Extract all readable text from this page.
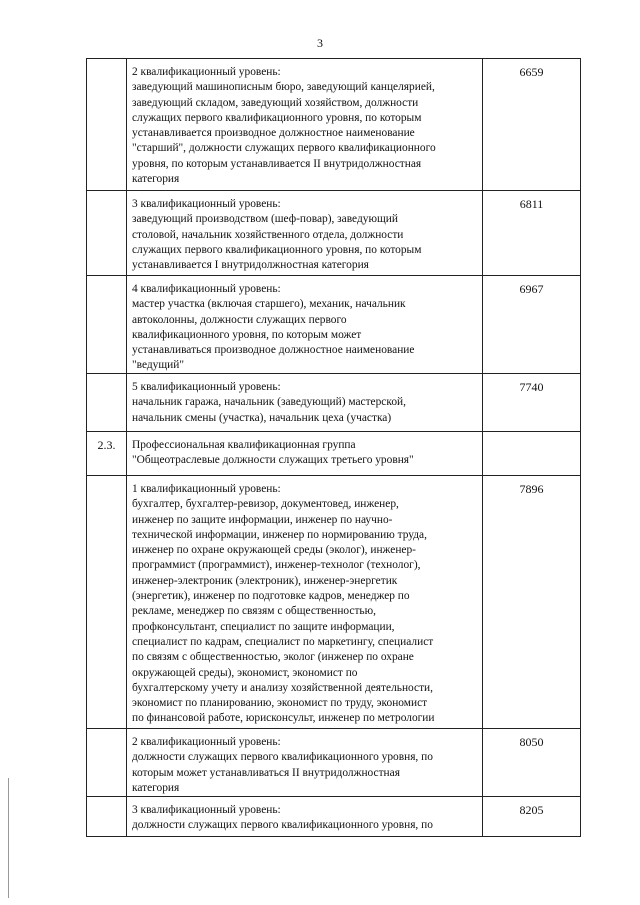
3
2 квалификационный уровень:
заведующий машинописным бюро, заведующий канцелярией,
заведующий складом, заведующий хозяйством, должности
служащих первого квалификационного уровня, по которым
устанавливается производное должностное наименование
"старший", должности служащих первого квалификационного
уровня, по которым устанавливается II внутридолжностная
категория
6659
3 квалификационный уровень:
заведующий производством (шеф-повар), заведующий
столовой, начальник хозяйственного отдела, должности
служащих первого квалификационного уровня, по которым
устанавливается I внутридолжностная категория
6811
4 квалификационный уровень:
мастер участка (включая старшего), механик, начальник
автоколонны, должности служащих первого
квалификационного уровня, по которым может
устанавливаться производное должностное наименование
"ведущий"
6967
5 квалификационный уровень:
начальник гаража, начальник (заведующий) мастерской,
начальник смены (участка), начальник цеха (участка)
7740
2.3.	Профессиональная квалификационная группа
"Общеотраслевые должности служащих третьего уровня"
1 квалификационный уровень:
бухгалтер, бухгалтер-ревизор, документовед, инженер,
инженер по защите информации, инженер по научно-
технической информации, инженер по нормированию труда,
инженер по охране окружающей среды (эколог), инженер-
программист (программист), инженер-технолог (технолог),
инженер-электроник (электроник), инженер-энергетик
(энергетик), инженер по подготовке кадров, менеджер по
рекламе, менеджер по связям с общественностью,
профконсультант, специалист по защите информации,
специалист по кадрам, специалист по маркетингу, специалист
по связям с общественностью, эколог (инженер по охране
окружающей среды), экономист, экономист по
бухгалтерскому учету и анализу хозяйственной деятельности,
экономист по планированию, экономист по труду, экономист
по финансовой работе, юрисконсульт, инженер по метрологии
7896
2 квалификационный уровень:
должности служащих первого квалификационного уровня, по
которым может устанавливаться II внутридолжностная
категория
8050
3 квалификационный уровень:
должности служащих первого квалификационного уровня, по
8205
